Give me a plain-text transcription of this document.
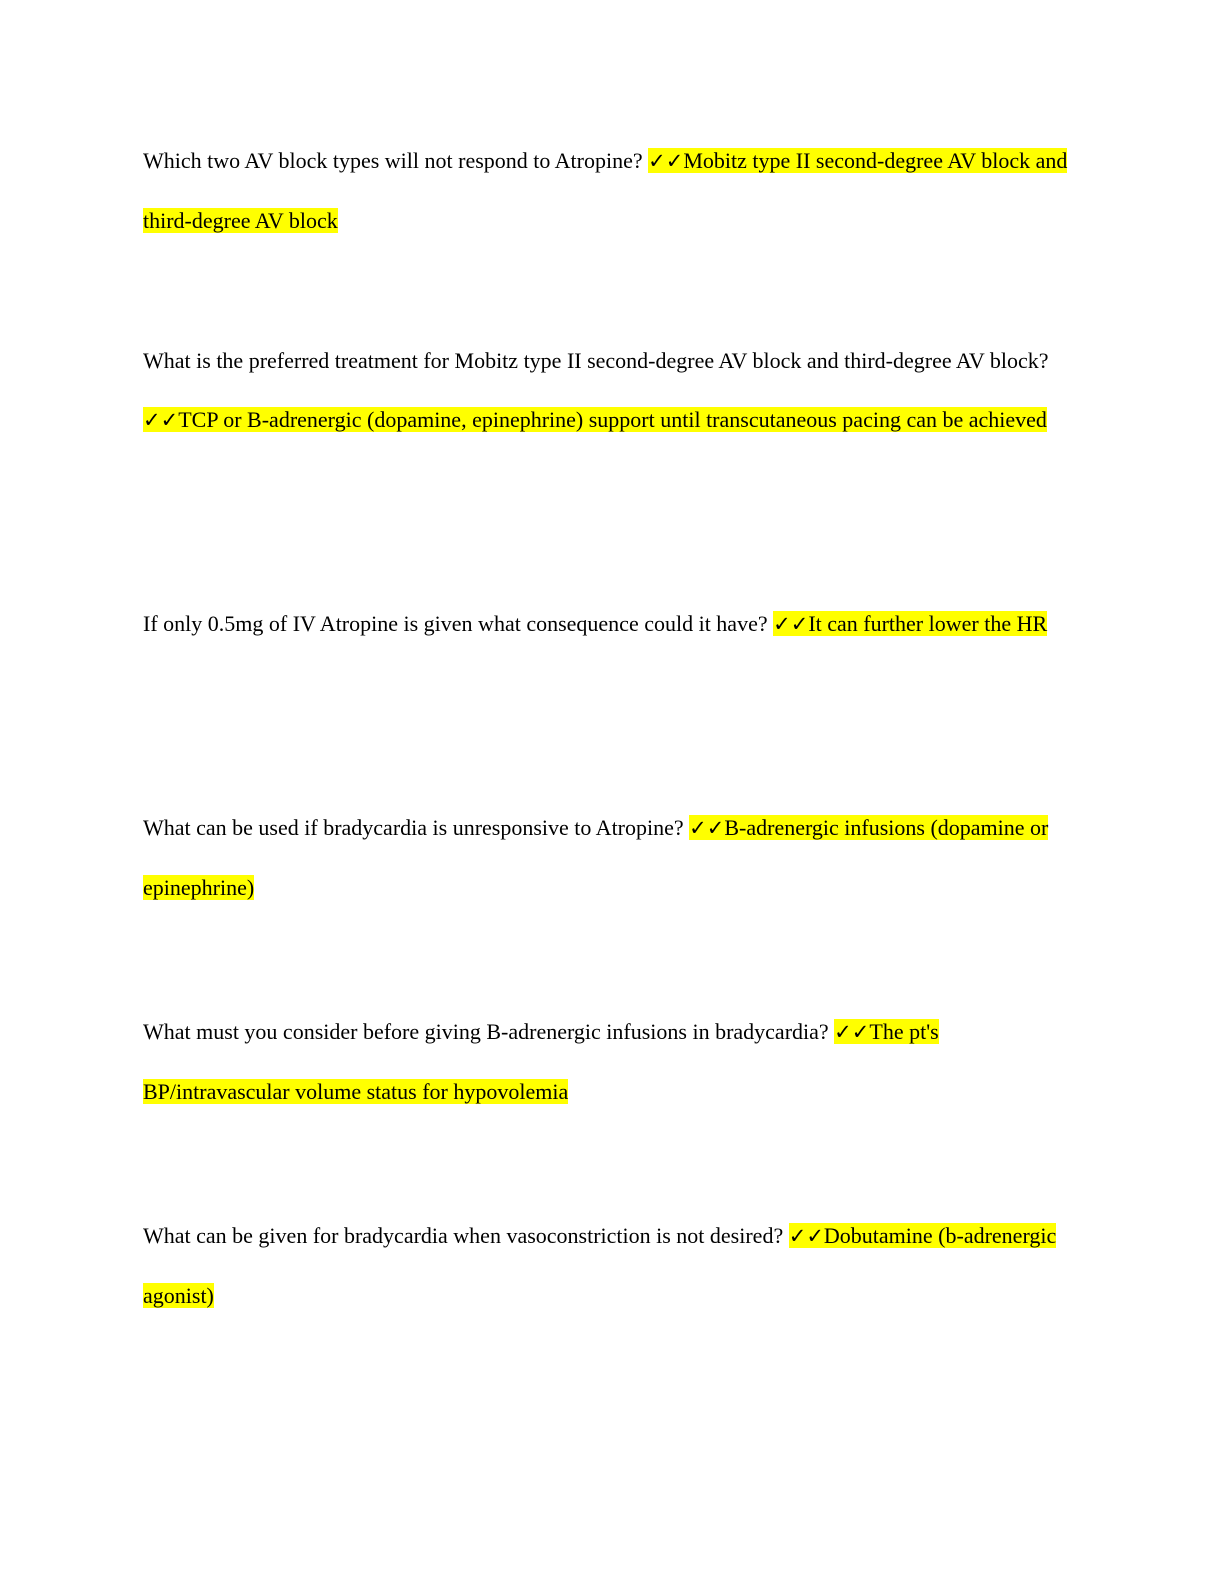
Which two AV block types will not respond to Atropine? ✓✓Mobitz type II second-degree AV block and third-degree AV block

What is the preferred treatment for Mobitz type II second-degree AV block and third-degree AV block? ✓✓TCP or B-adrenergic (dopamine, epinephrine) support until transcutaneous pacing can be achieved

If only 0.5mg of IV Atropine is given what consequence could it have? ✓✓It can further lower the HR

What can be used if bradycardia is unresponsive to Atropine? ✓✓B-adrenergic infusions (dopamine or epinephrine)

What must you consider before giving B-adrenergic infusions in bradycardia? ✓✓The pt's BP/intravascular volume status for hypovolemia

What can be given for bradycardia when vasoconstriction is not desired? ✓✓Dobutamine (b-adrenergic agonist)
